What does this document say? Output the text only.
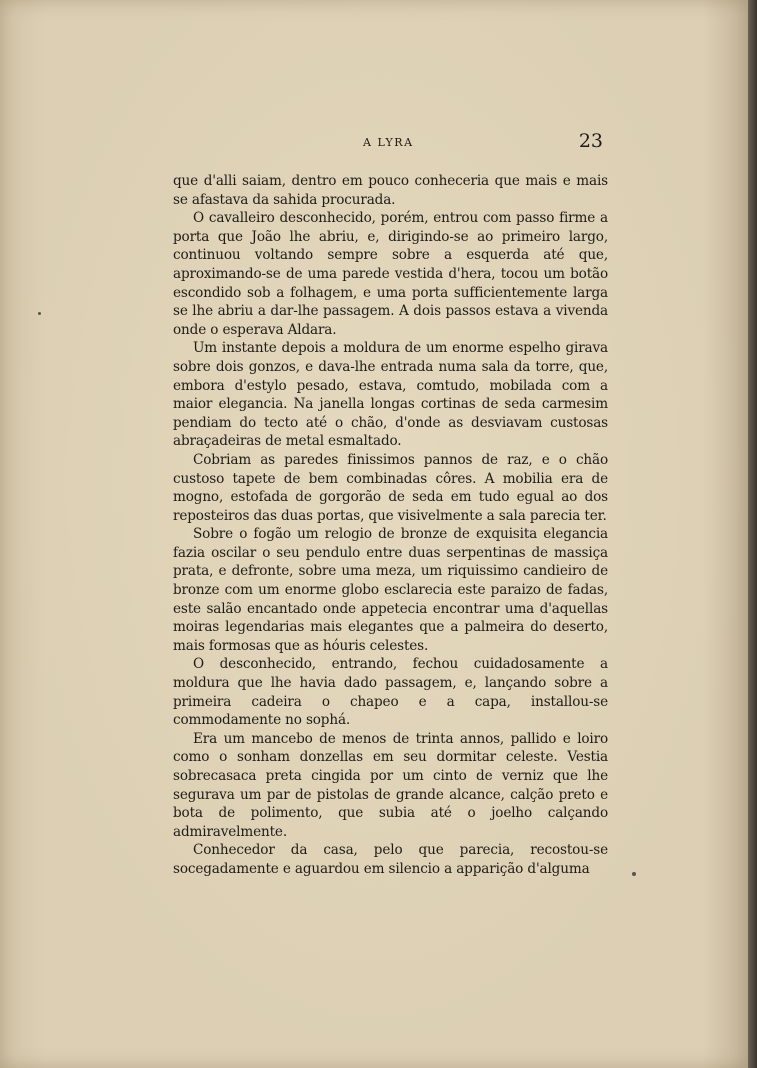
A LYRA	23

que d'alli saiam, dentro em pouco conheceria que mais e mais se afastava da sahida procurada.

O cavalleiro desconhecido, porém, entrou com passo firme a porta que João lhe abriu, e, dirigindo-se ao primeiro largo, continuou voltando sempre sobre a esquerda até que, aproximando-se de uma parede vestida d'hera, tocou um botão escondido sob a folhagem, e uma porta sufficientemente larga se lhe abriu a dar-lhe passagem. A dois passos estava a vivenda onde o esperava Aldara.

Um instante depois a moldura de um enorme espelho girava sobre dois gonzos, e dava-lhe entrada numa sala da torre, que, embora d'estylo pesado, estava, comtudo, mobilada com a maior elegancia. Na janella longas cortinas de seda carmesim pendiam do tecto até o chão, d'onde as desviavam custosas abraçadeiras de metal esmaltado.

Cobriam as paredes finissimos pannos de raz, e o chão custoso tapete de bem combinadas côres. A mobilia era de mogno, estofada de gorgorão de seda em tudo egual ao dos reposteiros das duas portas, que visivelmente a sala parecia ter.

Sobre o fogão um relogio de bronze de exquisita elegancia fazia oscilar o seu pendulo entre duas serpentinas de massiça prata, e defronte, sobre uma meza, um riquissimo candieiro de bronze com um enorme globo esclarecia este paraizo de fadas, este salão encantado onde appetecia encontrar uma d'aquellas moiras legendarias mais elegantes que a palmeira do deserto, mais formosas que as hóuris celestes.

O desconhecido, entrando, fechou cuidadosamente a moldura que lhe havia dado passagem, e, lançando sobre a primeira cadeira o chapeo e a capa, installou-se commodamente no sophá.

Era um mancebo de menos de trinta annos, pallido e loiro como o sonham donzellas em seu dormitar celeste. Vestia sobrecasaca preta cingida por um cinto de verniz que lhe segurava um par de pistolas de grande alcance, calção preto e bota de polimento, que subia até o joelho calçando admiravelmente.

Conhecedor da casa, pelo que parecia, recostou-se socegadamente e aguardou em silencio a apparição d'alguma
